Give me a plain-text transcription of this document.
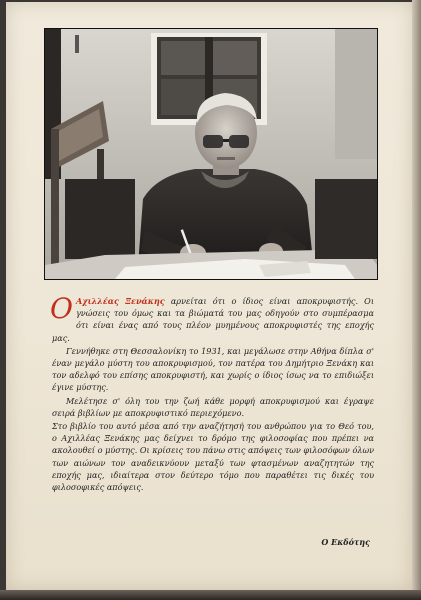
Ο Αχιλλέας Ξενάκης αρνείται ότι ο ίδιος είναι αποκρυφιστής. Οι γνώσεις του όμως και τα βιώματά του μας οδηγούν στο συμπέρασμα ότι είναι ένας από τους πλέον μυημένους αποκρυφιστές της εποχής μας.

Γεννήθηκε στη Θεσσαλονίκη το 1931, και μεγάλωσε στην Αθήνα δίπλα σ' έναν μεγάλο μύστη του αποκρυφισμού, τον πατέρα του Δημήτριο Ξενάκη και τον αδελφό του επίσης αποκρυφιστή, και χωρίς ο ίδιος ίσως να το επιδιώξει έγινε μύστης.

Μελέτησε σ' όλη του την ζωή κάθε μορφή αποκρυφισμού και έγραψε σειρά βιβλίων με αποκρυφιστικό περιεχόμενο.

Στο βιβλίο του αυτό μέσα από την αναζήτησή του ανθρώπου για το Θεό του, ο Αχιλλέας Ξενάκης μας δείχνει το δρόμο της φιλοσοφίας που πρέπει να ακολουθεί ο μύστης. Οι κρίσεις του πάνω στις απόψεις των φιλοσόφων όλων των αιώνων τον αναδεικνύουν μεταξύ των φτασμένων αναζητητών της εποχής μας, ιδιαίτερα στον δεύτερο τόμο που παραθέτει τις δικές του φιλοσοφικές απόψεις.

Ο Εκδότης
